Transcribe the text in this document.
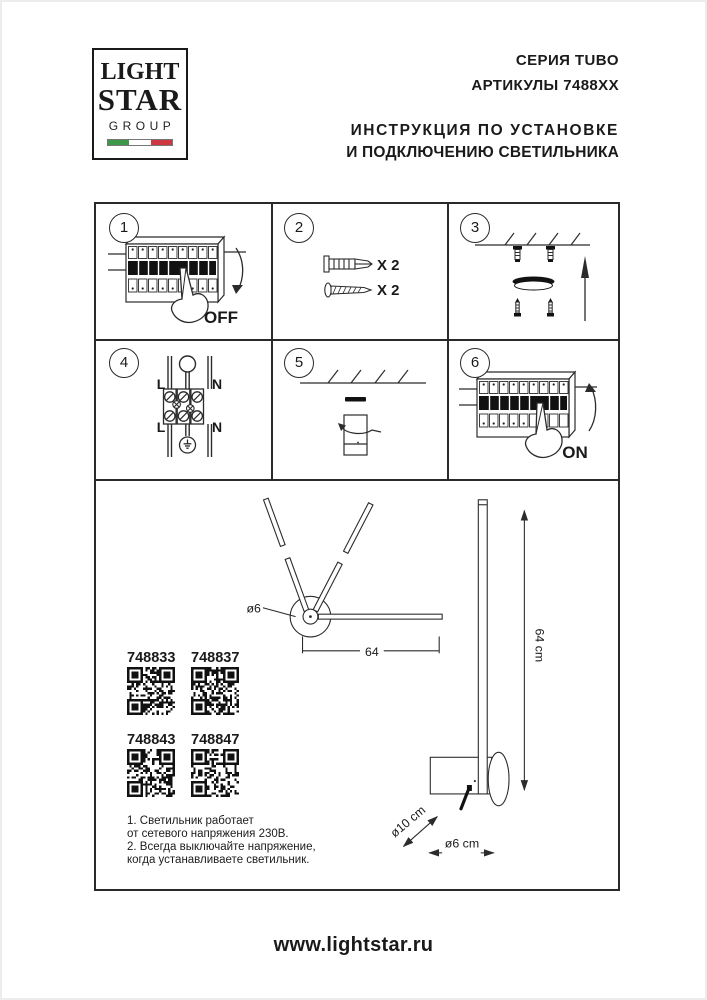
LIGHT
STAR
GROUP
СЕРИЯ TUBO
АРТИКУЛЫ 7488XX
ИНСТРУКЦИЯ ПО УСТАНОВКЕ
И ПОДКЛЮЧЕНИЮ СВЕТИЛЬНИКА
OFF
1
X 2
X 2
2	3
L	N
L	N
4	5
ON
6
ø6
64	64 cm
ø10 cm
ø6 cm
748833 748837
748843 748847
1. Светильник работает
от сетевого напряжения 230В.
2. Всегда выключайте напряжение,
когда устанавливаете светильник.
www.lightstar.ru
